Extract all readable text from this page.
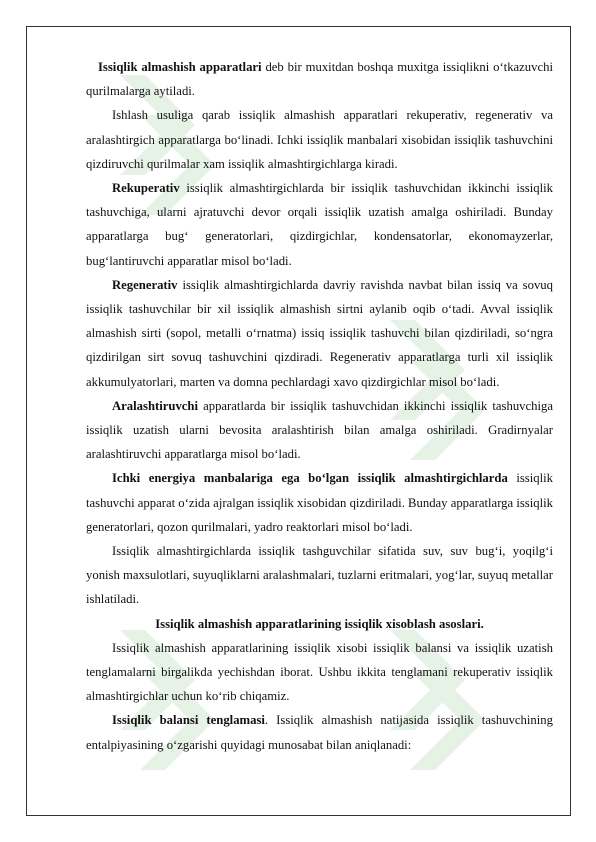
Issiqlik almashish apparatlari deb bir muxitdan boshqa muxitga issiqlikni o‘tkazuvchi qurilmalarga aytiladi.

Ishlash usuliga qarab issiqlik almashish apparatlari rekuperativ, regenerativ va aralashtirgich apparatlarga bo‘linadi. Ichki issiqlik manbalari xisobidan issiqlik tashuvchini qizdiruvchi qurilmalar xam issiqlik almashtirgichlarga kiradi.

Rekuperativ issiqlik almashtirgichlarda bir issiqlik tashuvchidan ikkinchi issiqlik tashuvchiga, ularni ajratuvchi devor orqali issiqlik uzatish amalga oshiriladi. Bunday apparatlarga bug‘ generatorlari, qizdirgichlar, kondensatorlar, ekonomayzerlar, bug‘lantiruvchi apparatlar misol bo‘ladi.

Regenerativ issiqlik almashtirgichlarda davriy ravishda navbat bilan issiq va sovuq issiqlik tashuvchilar bir xil issiqlik almashish sirtni aylanib oqib o‘tadi. Avval issiqlik almashish sirti (sopol, metalli o‘rnatma) issiq issiqlik tashuvchi bilan qizdiriladi, so‘ngra qizdirilgan sirt sovuq tashuvchini qizdiradi. Regenerativ apparatlarga turli xil issiqlik akkumulyatorlari, marten va domna pechlardagi xavo qizdirgichlar misol bo‘ladi.

Aralashtiruvchi apparatlarda bir issiqlik tashuvchidan ikkinchi issiqlik tashuvchiga issiqlik uzatish ularni bevosita aralashtirish bilan amalga oshiriladi. Gradirnyalar aralashtiruvchi apparatlarga misol bo‘ladi.

Ichki energiya manbalariga ega bo‘lgan issiqlik almashtirgichlarda issiqlik tashuvchi apparat o‘zida ajralgan issiqlik xisobidan qizdiriladi. Bunday apparatlarga issiqlik generatorlari, qozon qurilmalari, yadro reaktorlari misol bo‘ladi.

Issiqlik almashtirgichlarda issiqlik tashguvchilar sifatida suv, suv bug‘i, yoqilg‘i yonish maxsulotlari, suyuqliklarni aralashmalari, tuzlarni eritmalari, yog‘lar, suyuq metallar ishlatiladi.

Issiqlik almashish apparatlarining issiqlik xisoblash asoslari.

Issiqlik almashish apparatlarining issiqlik xisobi issiqlik balansi va issiqlik uzatish tenglamalarni birgalikda yechishdan iborat. Ushbu ikkita tenglamani rekuperativ issiqlik almashtirgichlar uchun ko‘rib chiqamiz.

Issiqlik balansi tenglamasi. Issiqlik almashish natijasida issiqlik tashuvchining entalpiyasining o‘zgarishi quyidagi munosabat bilan aniqlanadi:
